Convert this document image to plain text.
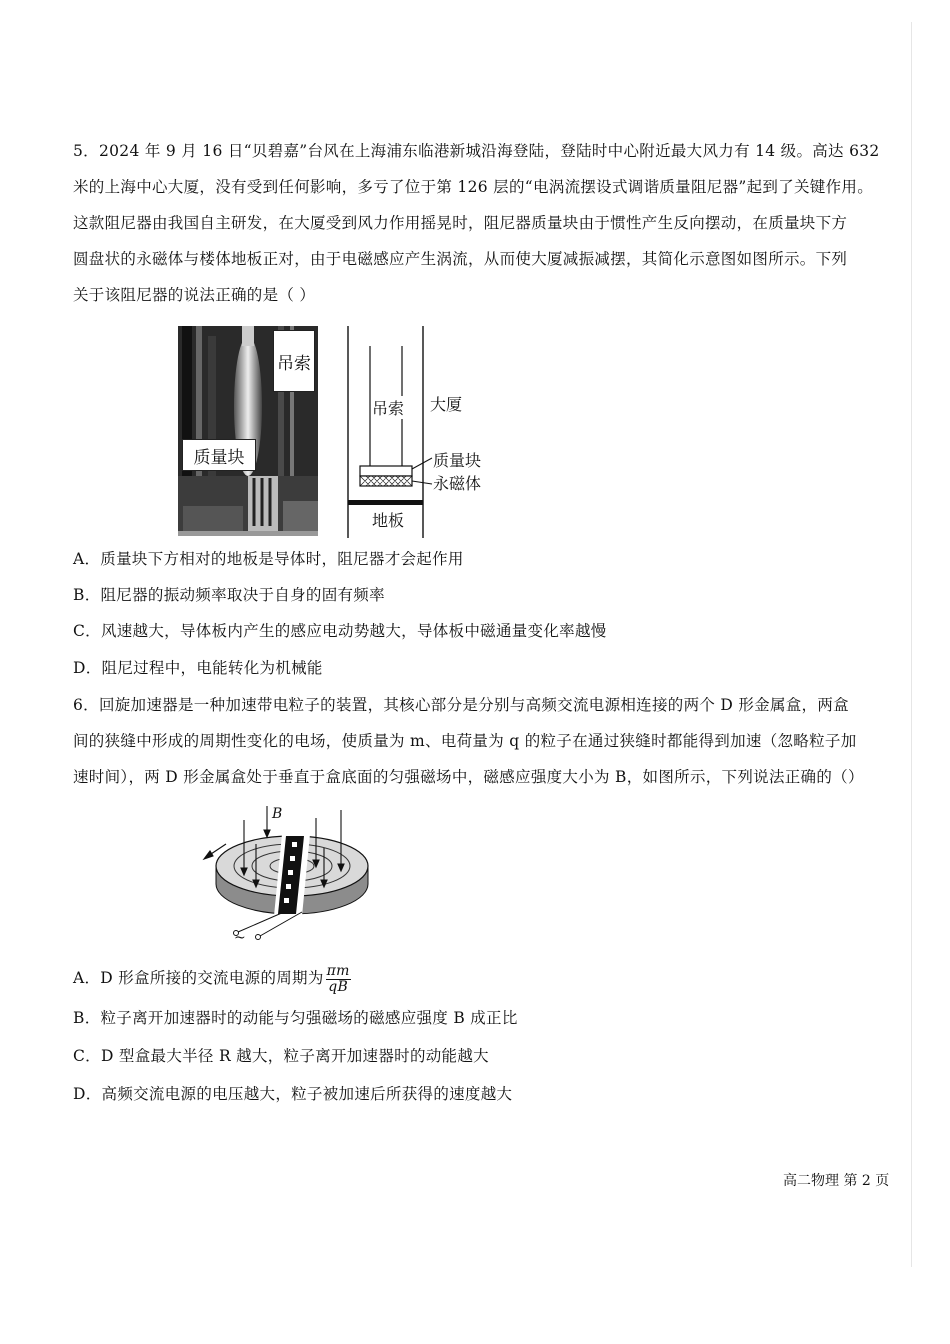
5．2024 年 9 月 16 日“贝碧嘉”台风在上海浦东临港新城沿海登陆，登陆时中心附近最大风力有 14 级。高达 632
米的上海中心大厦，没有受到任何影响，多亏了位于第 126 层的“电涡流摆设式调谐质量阻尼器”起到了关键作用。
这款阻尼器由我国自主研发，在大厦受到风力作用摇晃时，阻尼器质量块由于惯性产生反向摆动，在质量块下方
圆盘状的永磁体与楼体地板正对，由于电磁感应产生涡流，从而使大厦减振减摆，其简化示意图如图所示。下列
关于该阻尼器的说法正确的是（ ）
吊索
质量块
吊索 大厦
质量块
永磁体
地板
A．质量块下方相对的地板是导体时，阻尼器才会起作用
B．阻尼器的振动频率取决于自身的固有频率
C．风速越大，导体板内产生的感应电动势越大，导体板中磁通量变化率越慢
D．阻尼过程中，电能转化为机械能
6．回旋加速器是一种加速带电粒子的装置，其核心部分是分别与高频交流电源相连接的两个 D 形金属盒，两盒
间的狭缝中形成的周期性变化的电场，使质量为 m、电荷量为 q 的粒子在通过狭缝时都能得到加速（忽略粒子加
速时间），两 D 形金属盒处于垂直于盒底面的匀强磁场中，磁感应强度大小为 B，如图所示，下列说法正确的（）
B
~
A．D 形盒所接的交流电源的周期为 $\frac{\pi m}{qB}$
B．粒子离开加速器时的动能与匀强磁场的磁感应强度 B 成正比
C．D 型盒最大半径 R 越大，粒子离开加速器时的动能越大
D．高频交流电源的电压越大，粒子被加速后所获得的速度越大
高二物理 第 2 页
